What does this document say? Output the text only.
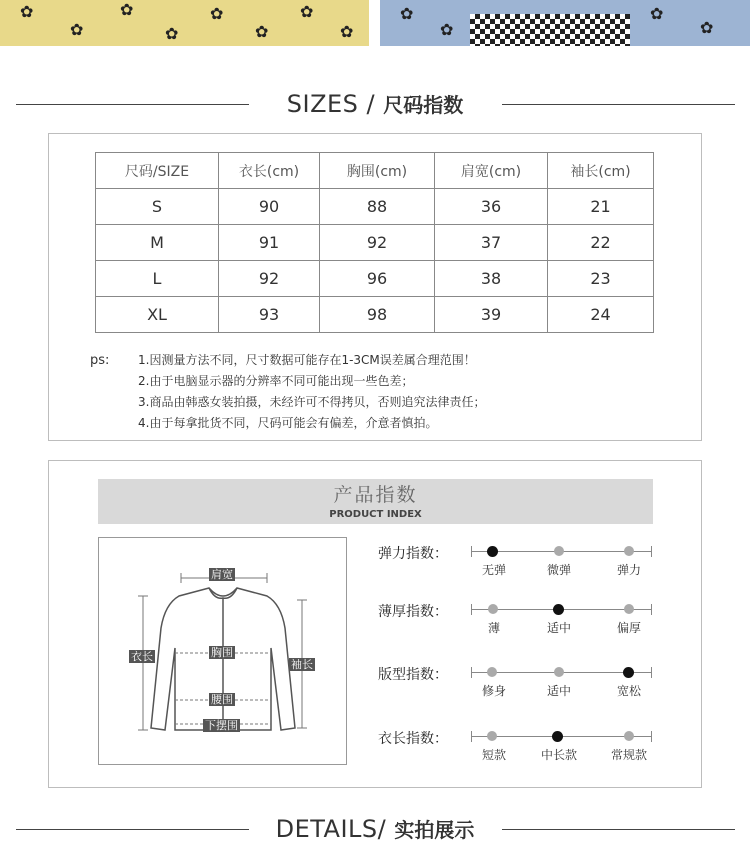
✿
✿
✿
✿
✿
✿
✿
✿
✿
✿
✿
✿
SIZES / 尺码指数
尺码/SIZE	衣长(cm)	胸围(cm)	肩宽(cm)	袖长(cm)
S	90	88	36	21
M	91	92	37	22
L	92	96	38	23
XL	93	98	39	24
ps: 1.因测量方法不同，尺寸数据可能存在1-3CM误差属合理范围！
2.由于电脑显示器的分辨率不同可能出现一些色差；
3.商品由韩惑女装拍摄，未经许可不得拷贝，否则追究法律责任；
4.由于每拿批货不同，尺码可能会有偏差，介意者慎拍。
产品指数
PRODUCT INDEX
肩宽
衣长	胸围
袖长
腰围
下摆围
弹力指数：
无弹	微弹	弹力
薄厚指数：
薄	适中	偏厚
版型指数：
修身	适中	宽松
衣长指数：
短款	中长款	常规款
DETAILS/ 实拍展示
